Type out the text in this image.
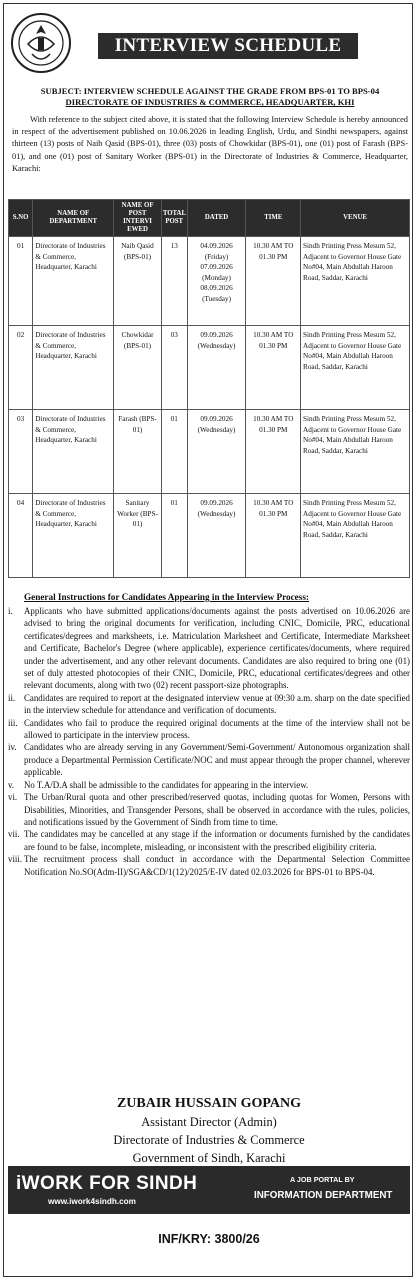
INTERVIEW SCHEDULE
SUBJECT: INTERVIEW SCHEDULE AGAINST THE GRADE FROM BPS-01 TO BPS-04
DIRECTORATE OF INDUSTRIES & COMMERCE, HEADQUARTER, KHI
With reference to the subject cited above, it is stated that the following Interview Schedule is hereby announced in respect of the advertisement published on 10.06.2026 in leading English, Urdu, and Sindhi newspapers, against thirteen (13) posts of Naib Qasid (BPS-01), three (03) posts of Chowkidar (BPS-01), one (01) post of Farash (BPS-01), and one (01) post of Sanitary Worker (BPS-01) in the Directorate of Industries & Commerce, Headquarter, Karachi:
S.NO	NAME OF DEPARTMENT	NAME OF POST INTERVI EWED	TOTAL POST	DATED	TIME	VENUE
01	Directorate of Industries & Commerce, Headquarter, Karachi	Naib Qasid (BPS-01)	13	04.09.2026 (Friday) 07.09.2026 (Monday) 08.09.2026 (Tuesday)	10.30 AM TO 01.30 PM	Sindh Printing Press Mesum 52, Adjacent to Governor House Gate No#04, Main Abdullah Haroon Road, Saddar, Karachi
02	Directorate of Industries & Commerce, Headquarter, Karachi	Chowkidar (BPS-01)	03	09.09.2026 (Wednesday)	10.30 AM TO 01.30 PM	Sindh Printing Press Mesum 52, Adjacent to Governor House Gate No#04, Main Abdullah Haroon Road, Saddar, Karachi
03	Directorate of Industries & Commerce, Headquarter, Karachi	Farash (BPS-01)	01	09.09.2026 (Wednesday)	10.30 AM TO 01.30 PM	Sindh Printing Press Mesum 52, Adjacent to Governor House Gate No#04, Main Abdullah Haroon Road, Saddar, Karachi
04	Directorate of Industries & Commerce, Headquarter, Karachi	Sanitary Worker (BPS-01)	01	09.09.2026 (Wednesday)	10.30 AM TO 01.30 PM	Sindh Printing Press Mesum 52, Adjacent to Governor House Gate No#04, Main Abdullah Haroon Road, Saddar, Karachi
General Instructions for Candidates Appearing in the Interview Process:
i.	Applicants who have submitted applications/documents against the posts advertised on 10.06.2026 are advised to bring the original documents for verification, including CNIC, Domicile, PRC, educational certificates/degrees and marksheets, i.e. Matriculation Marksheet and Certificate, Intermediate Marksheet and Certificate, Bachelor's Degree (where applicable), experience certificates/documents, where required under the advertisement, and any other relevant documents. Candidates are also required to bring one (01) set of duly attested photocopies of their CNIC, Domicile, PRC, educational certificates/degrees and other relevant documents, along with two (02) recent passport-size photographs.
ii. Candidates are required to report at the designated interview venue at 09:30 a.m. sharp on the date specified in the interview schedule for attendance and verification of documents.
iii. Candidates who fail to produce the required original documents at the time of the interview shall not be allowed to participate in the interview process.
iv. Candidates who are already serving in any Government/Semi-Government/ Autonomous organization shall produce a Departmental Permission Certificate/NOC and must appear through the proper channel, wherever applicable.
v.	No T.A/D.A shall be admissible to the candidates for appearing in the interview.
vi. The Urban/Rural quota and other prescribed/reserved quotas, including quotas for Women, Persons with Disabilities, Minorities, and Transgender Persons, shall be observed in accordance with the rules, policies, and notifications issued by the Government of Sindh from time to time.
vii. The candidates may be cancelled at any stage if the information or documents furnished by the candidates are found to be false, incomplete, misleading, or inconsistent with the prescribed eligibility criteria.
viii. The recruitment process shall conduct in accordance with the Departmental Selection Committee Notification No.SO(Adm-II)/SGA&CD/1(12)/2025/E-IV dated 02.03.2026 for BPS-01 to BPS-04.
ZUBAIR HUSSAIN GOPANG
Assistant Director (Admin)
Directorate of Industries & Commerce
Government of Sindh, Karachi
iWORK FOR SINDH
www.iwork4sindh.com
A JOB PORTAL BY
INFORMATION DEPARTMENT
INF/KRY: 3800/26
